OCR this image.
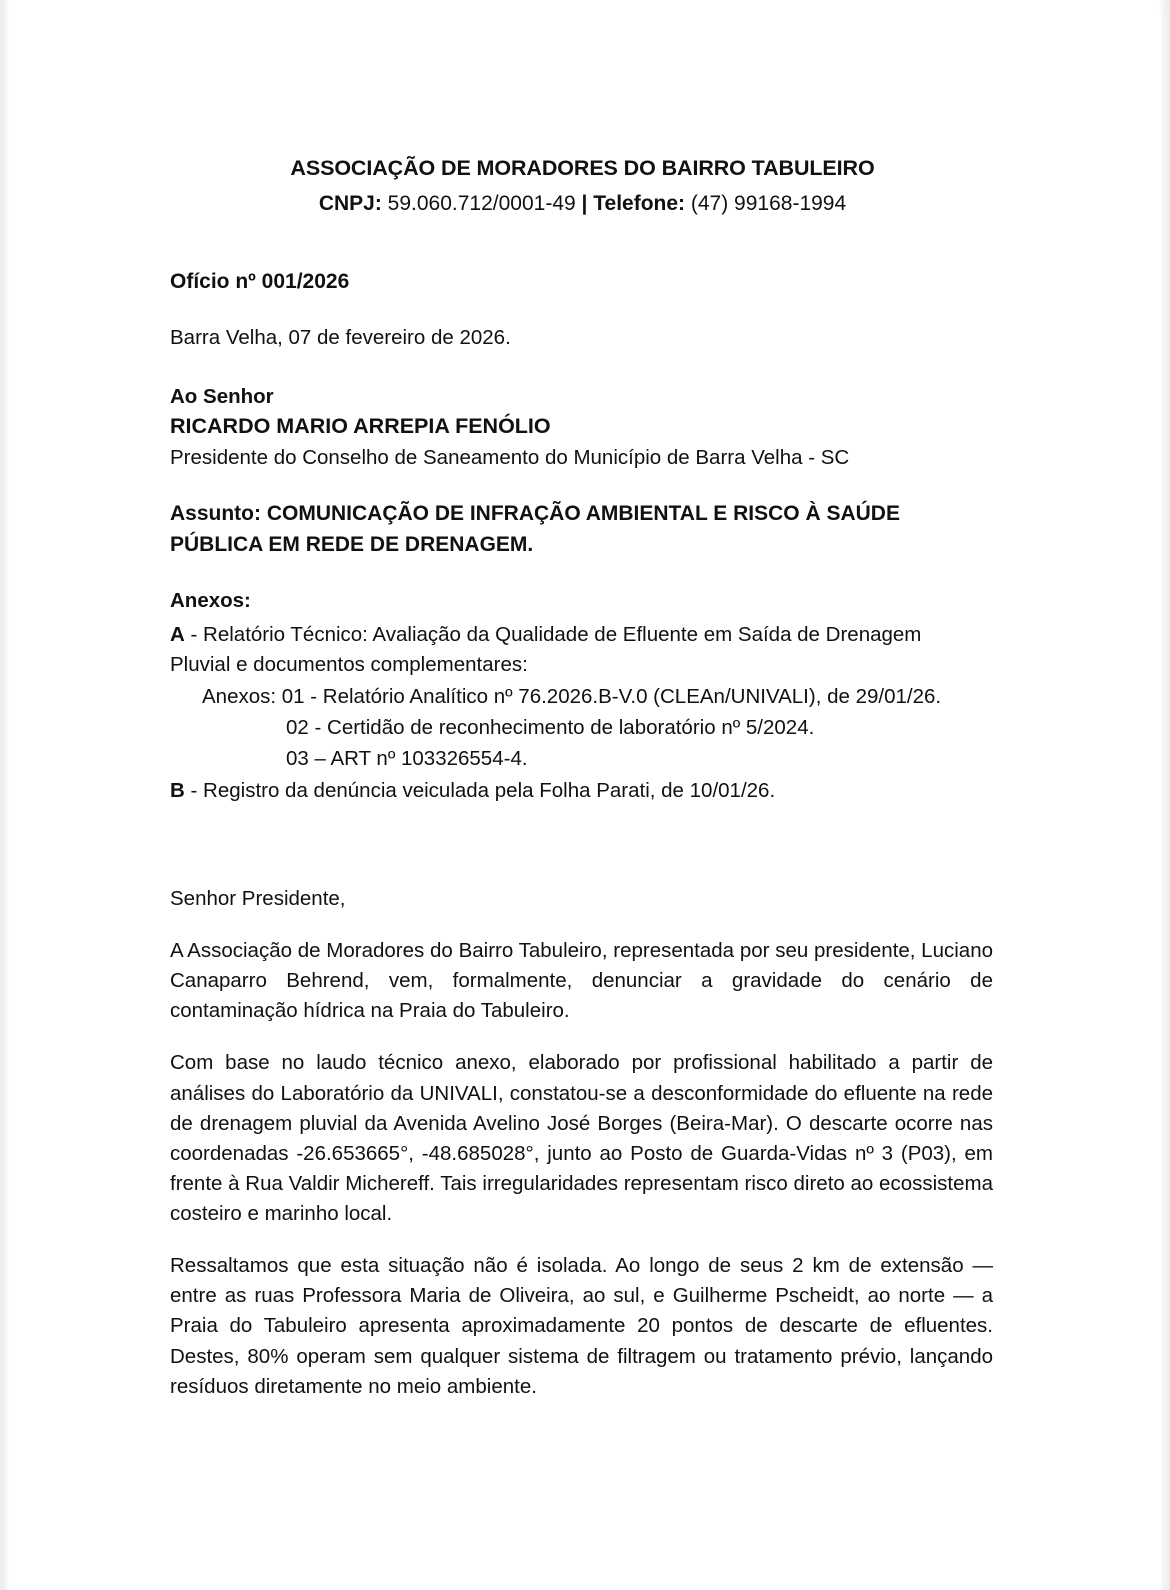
ASSOCIAÇÃO DE MORADORES DO BAIRRO TABULEIRO
CNPJ: 59.060.712/0001-49 | Telefone: (47) 99168-1994
Ofício nº 001/2026
Barra Velha, 07 de fevereiro de 2026.
Ao Senhor
RICARDO MARIO ARREPIA FENÓLIO
Presidente do Conselho de Saneamento do Município de Barra Velha - SC
Assunto: COMUNICAÇÃO DE INFRAÇÃO AMBIENTAL E RISCO À SAÚDE PÚBLICA EM REDE DE DRENAGEM.
Anexos:
A - Relatório Técnico: Avaliação da Qualidade de Efluente em Saída de Drenagem Pluvial e documentos complementares:
Anexos: 01 - Relatório Analítico nº 76.2026.B-V.0 (CLEAn/UNIVALI), de 29/01/26.
02 - Certidão de reconhecimento de laboratório nº 5/2024.
03 – ART nº 103326554-4.
B - Registro da denúncia veiculada pela Folha Parati, de 10/01/26.
Senhor Presidente,
A Associação de Moradores do Bairro Tabuleiro, representada por seu presidente, Luciano Canaparro Behrend, vem, formalmente, denunciar a gravidade do cenário de contaminação hídrica na Praia do Tabuleiro.
Com base no laudo técnico anexo, elaborado por profissional habilitado a partir de análises do Laboratório da UNIVALI, constatou-se a desconformidade do efluente na rede de drenagem pluvial da Avenida Avelino José Borges (Beira-Mar). O descarte ocorre nas coordenadas -26.653665°, -48.685028°, junto ao Posto de Guarda-Vidas nº 3 (P03), em frente à Rua Valdir Michereff. Tais irregularidades representam risco direto ao ecossistema costeiro e marinho local.
Ressaltamos que esta situação não é isolada. Ao longo de seus 2 km de extensão — entre as ruas Professora Maria de Oliveira, ao sul, e Guilherme Pscheidt, ao norte — a Praia do Tabuleiro apresenta aproximadamente 20 pontos de descarte de efluentes. Destes, 80% operam sem qualquer sistema de filtragem ou tratamento prévio, lançando resíduos diretamente no meio ambiente.
